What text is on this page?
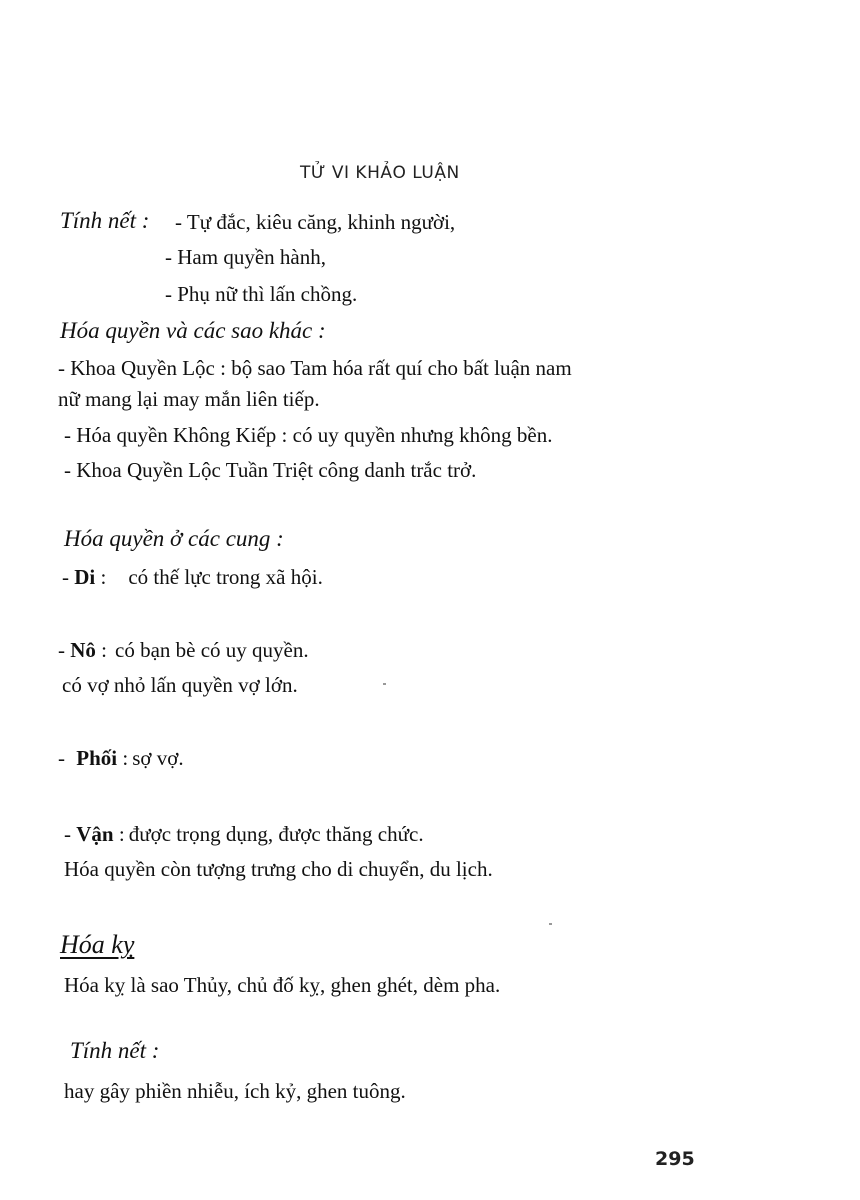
TỬ VI KHẢO LUẬN
Tính nết : - Tự đắc, kiêu căng, khinh người,
- Ham quyền hành,
- Phụ nữ thì lấn chồng.
Hóa quyền và các sao khác :
- Khoa Quyền Lộc : bộ sao Tam hóa rất quí cho bất luận nam
nữ mang lại may mắn liên tiếp.
- Hóa quyền Không Kiếp : có uy quyền nhưng không bền.
- Khoa Quyền Lộc Tuần Triệt công danh trắc trở.
Hóa quyền ở các cung :
- Di : có thế lực trong xã hội.
- Nô : có bạn bè có uy quyền.
có vợ nhỏ lấn quyền vợ lớn.
- Phối : sợ vợ.
- Vận : được trọng dụng, được thăng chức.
Hóa quyền còn tượng trưng cho di chuyển, du lịch.
Hóa kỵ
Hóa kỵ là sao Thủy, chủ đố kỵ, ghen ghét, dèm pha.
Tính nết :
hay gây phiền nhiễu, ích kỷ, ghen tuông.
295
